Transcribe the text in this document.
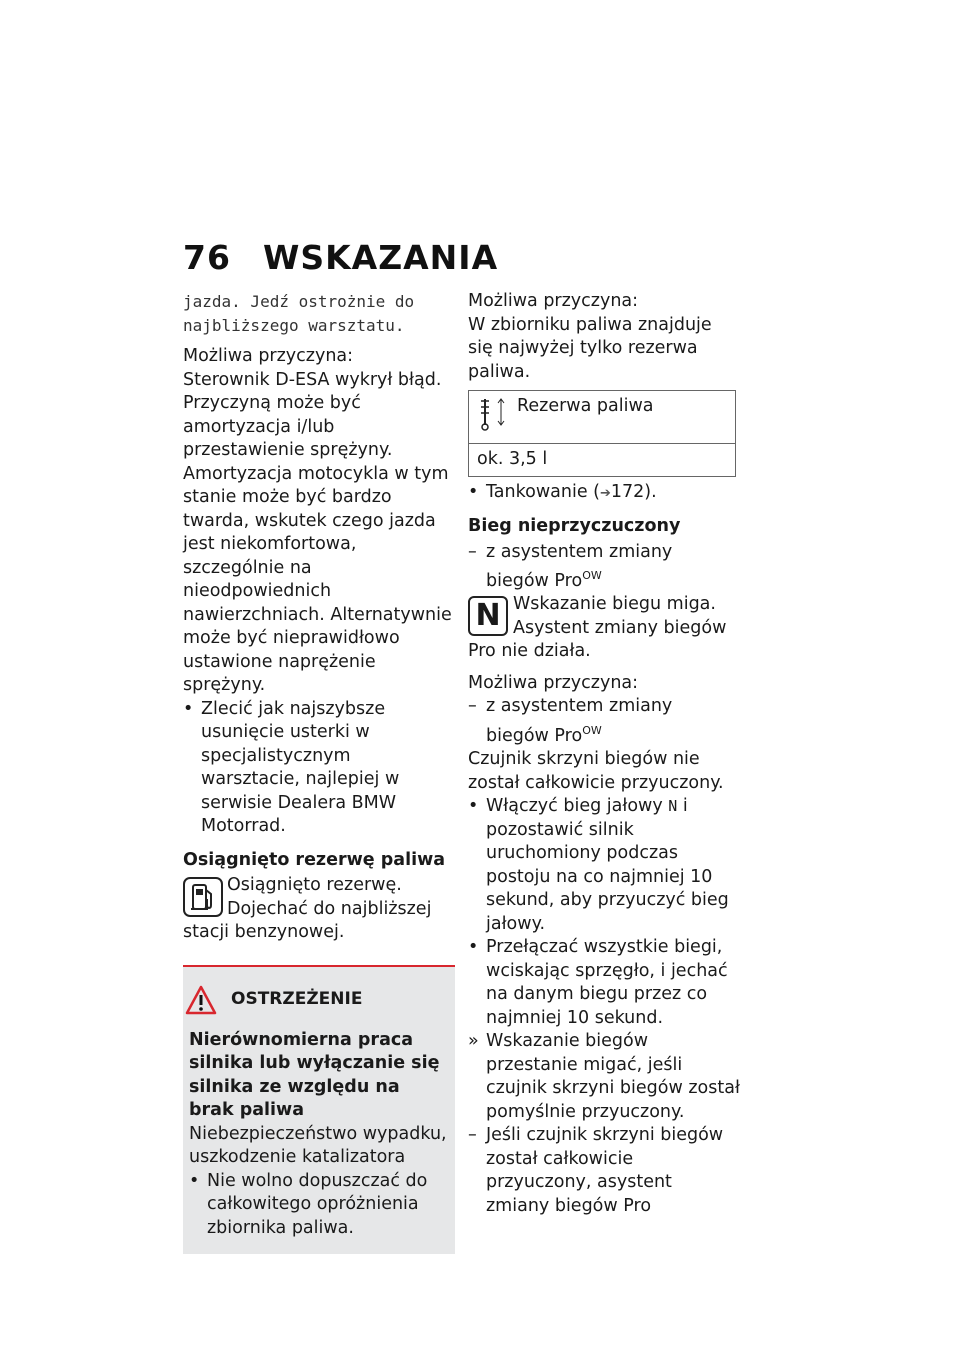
76 WSKAZANIA

jazda. Jedź ostrożnie do najbliższego warsztatu.

Możliwa przyczyna:
Sterownik D-ESA wykrył błąd. Przyczyną może być amortyzacja i/lub przestawienie sprężyny. Amortyzacja motocykla w tym stanie może być bardzo twarda, wskutek czego jazda jest niekomfortowa, szczególnie na nieodpowiednich nawierzchniach. Alternatywnie może być nieprawidłowo ustawione naprężenie sprężyny.

• Zlecić jak najszybsze usunięcie usterki w specjalistycznym warsztacie, najlepiej w serwisie Dealera BMW Motorrad.

Osiągnięto rezerwę paliwa
Osiągnięto rezerwę. Dojechać do najbliższej stacji benzynowej.
OSTRZEŻENIE
Nierównomierna praca silnika lub wyłączanie się silnika ze względu na brak paliwa
Niebezpieczeństwo wypadku, uszkodzenie katalizatora

• Nie wolno dopuszczać do całkowitego opróżnienia zbiornika paliwa.

Możliwa przyczyna:
W zbiorniku paliwa znajduje się najwyżej tylko rezerwa paliwa.

Rezerwa paliwa
ok. 3,5 l

• Tankowanie (➔172).

Bieg nieprzyczuczony

– z asystentem zmiany biegów Pro$^{OW}$

N Wskazanie biegu miga. Asystent zmiany biegów Pro nie działa.
Możliwa przyczyna:

– z asystentem zmiany biegów Pro$^{OW}$

Czujnik skrzyni biegów nie został całkowicie przyuczony.

• Włączyć bieg jałowy N i pozostawić silnik uruchomiony podczas postoju na co najmniej 10 sekund, aby przyuczyć bieg jałowy.

• Przełączać wszystkie biegi, wciskając sprzęgło, i jechać na danym biegu przez co najmniej 10 sekund.

» Wskazanie biegów przestanie migać, jeśli czujnik skrzyni biegów został pomyślnie przyuczony.

– Jeśli czujnik skrzyni biegów został całkowicie przyuczony, asystent zmiany biegów Pro
